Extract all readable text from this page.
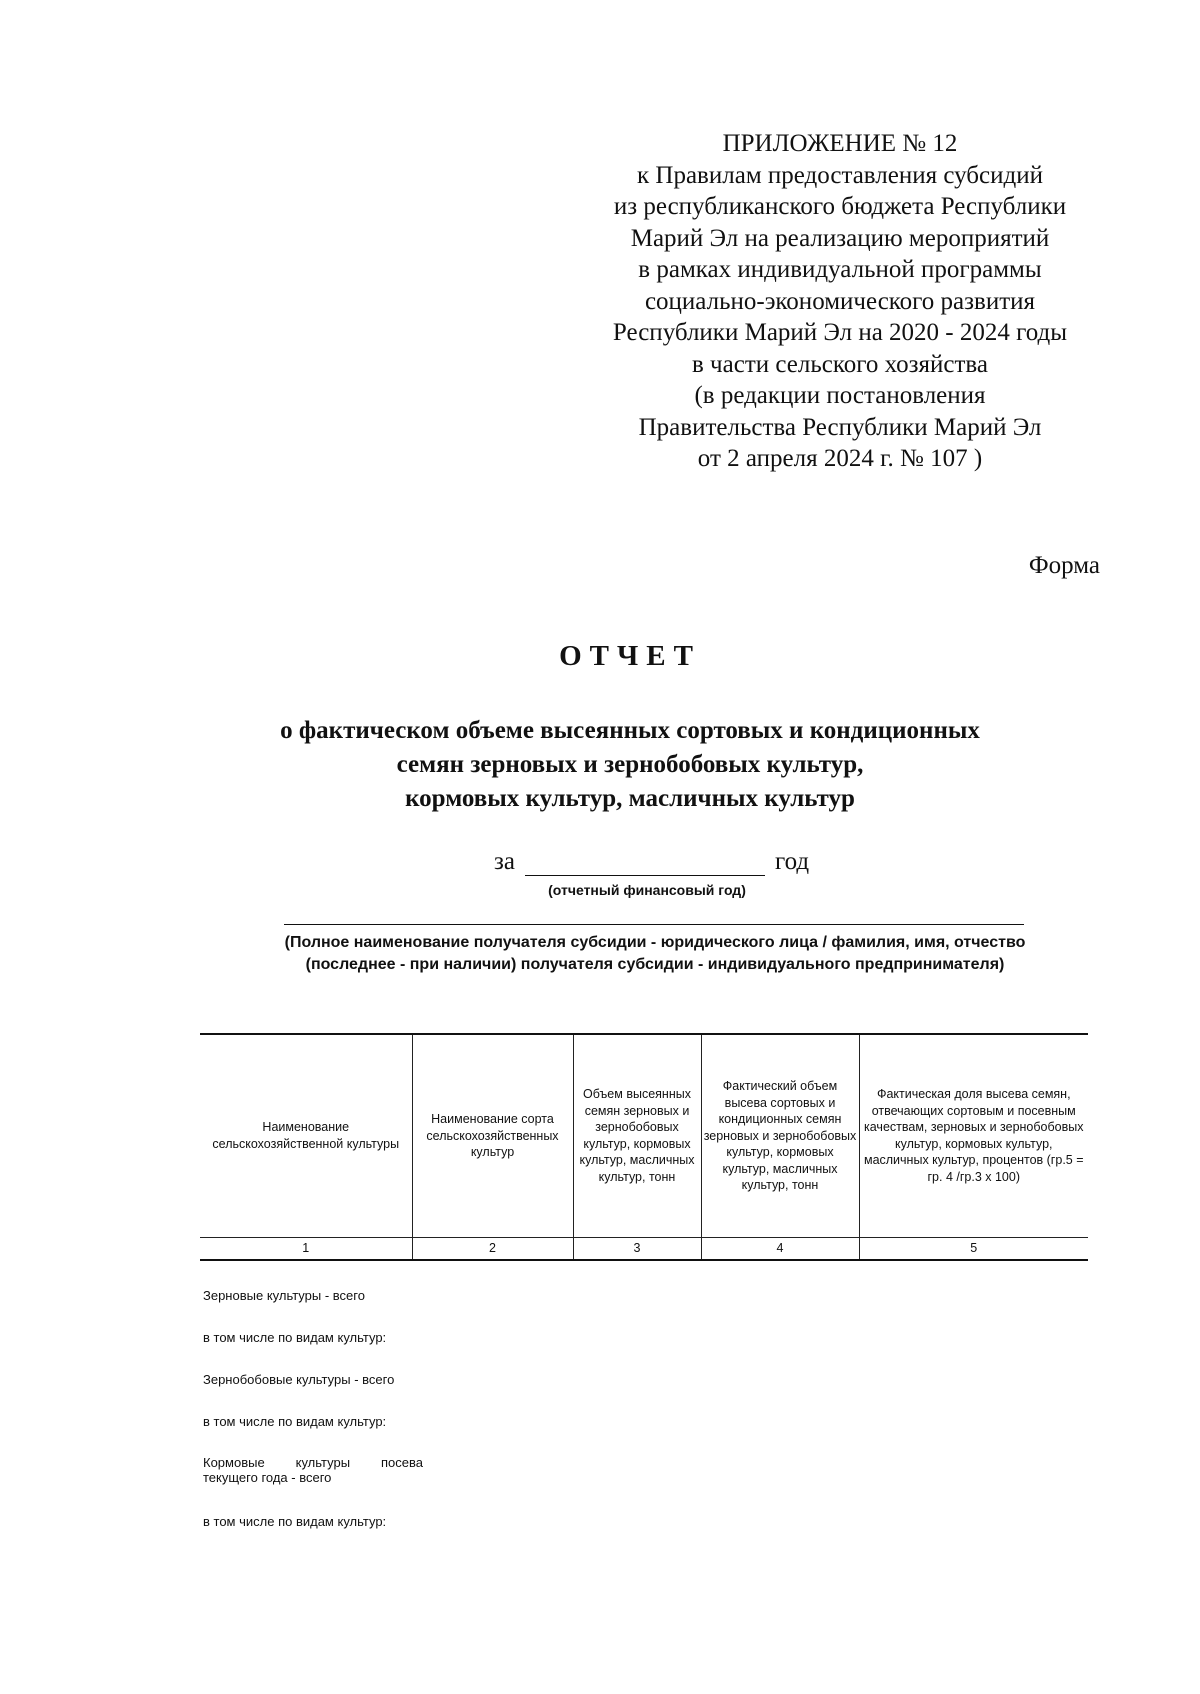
ПРИЛОЖЕНИЕ № 12
к Правилам предоставления субсидий
из республиканского бюджета Республики
Марий Эл на реализацию мероприятий
в рамках индивидуальной программы
социально-экономического развития
Республики Марий Эл на 2020 - 2024 годы
в части сельского хозяйства
(в редакции постановления
Правительства Республики Марий Эл
от 2 апреля 2024 г. № 107 )
Форма
ОТЧЕТ
о фактическом объеме высеянных сортовых и кондиционных
семян зерновых и зернобобовых культур,
кормовых культур, масличных культур
за	год
(отчетный финансовый год)
(Полное наименование получателя субсидии - юридического лица / фамилия, имя, отчество
(последнее - при наличии) получателя субсидии - индивидуального предпринимателя)
Наименование сельскохозяйственной культуры	Наименование сорта сельскохозяйственных культур	Объем высеянных семян зерновых и зернобобовых культур, кормовых культур, масличных культур, тонн	Фактический объем высева сортовых и кондиционных семян зерновых и зернобобовых культур, кормовых культур, масличных культур, тонн	Фактическая доля высева семян, отвечающих сортовым и посевным качествам, зерновых и зернобобовых культур, кормовых культур, масличных культур, процентов (гр.5 = гр. 4 /гр.3 х 100)
1	2	3	4	5
Зерновые культуры - всего
в том числе по видам культур:
Зернобобовые культуры - всего
в том числе по видам культур:
Кормовые культуры посева текущего года - всего
в том числе по видам культур:
